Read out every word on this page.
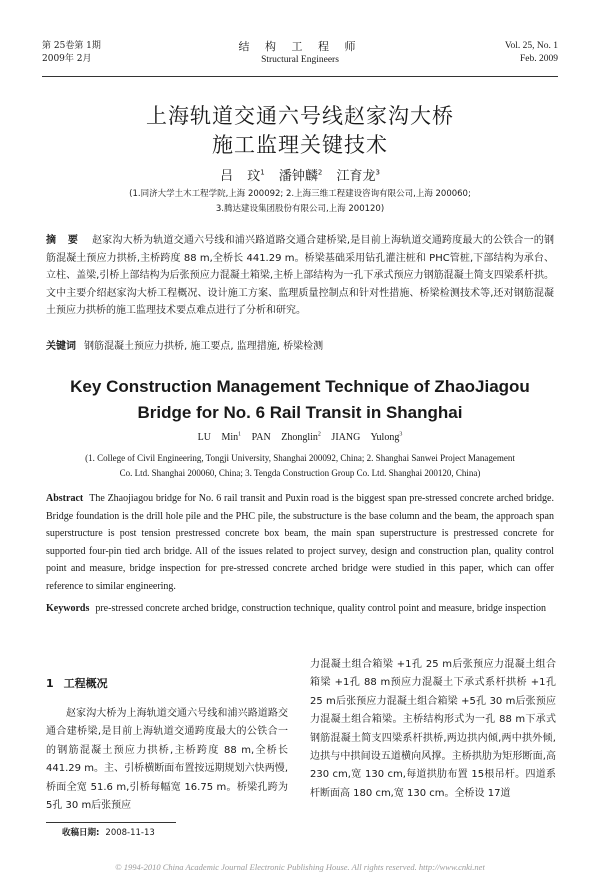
第 25卷第 1期
2009年 2月
结 构 工 程 师
Structural Engineers
Vol. 25, No. 1
Feb. 2009
上海轨道交通六号线赵家沟大桥
施工监理关键技术
吕 玟$^1$ 潘钟麟$^2$ 江育龙$^3$
(1.同济大学土木工程学院,上海 200092; 2.上海三维工程建设咨询有限公司,上海 200060;
3.腾达建设集团股份有限公司,上海 200120)
摘 要 赵家沟大桥为轨道交通六号线和浦兴路道路交通合建桥梁,是目前上海轨道交通跨度最大的公铁合一的钢筋混凝土预应力拱桥,主桥跨度 88 m,全桥长 441.29 m。桥梁基础采用钻孔灌注桩和 PHC管桩,下部结构为承台、立柱、盖梁,引桥上部结构为后张预应力混凝土箱梁,主桥上部结构为一孔下承式预应力钢筋混凝土简支四梁系杆拱。文中主要介绍赵家沟大桥工程概况、设计施工方案、监理质量控制点和针对性措施、桥梁检测技术等,还对钢筋混凝土预应力拱桥的施工监理技术要点难点进行了分析和研究。
关键词 钢筋混凝土预应力拱桥, 施工要点, 监理措施, 桥梁检测
Key Construction Management Technique of ZhaoJiagou
Bridge for No. 6 Rail Transit in Shanghai
LU Min$^1$ PAN Zhonglin$^2$ JIANG Yulong$^3$
(1. College of Civil Engineering, Tongji University, Shanghai 200092, China; 2. Shanghai Sanwei Project Management
Co. Ltd. Shanghai 200060, China; 3. Tengda Construction Group Co. Ltd. Shanghai 200120, China)
Abstract The Zhaojiagou bridge for No. 6 rail transit and Puxin road is the biggest span pre-stressed concrete arched bridge. Bridge foundation is the drill hole pile and the PHC pile, the substructure is the base column and the beam, the approach span superstructure is post tension prestressed concrete box beam, the main span superstructure is prestressed concrete for supported four-pin tied arch bridge. All of the issues related to project survey, design and construction plan, quality control point and measure, bridge inspection for pre-stressed concrete arched bridge were studied in this paper, which can offer reference to similar engineering.
Keywords pre-stressed concrete arched bridge, construction technique, quality control point and measure, bridge inspection
1 工程概况
赵家沟大桥为上海轨道交通六号线和浦兴路道路交通合建桥梁,是目前上海轨道交通跨度最大的公铁合一的钢筋混凝土预应力拱桥,主桥跨度 88 m,全桥长 441.29 m。主、引桥横断面布置按远期规划六快两慢,桥面全宽 51.6 m,引桥每幅宽 16.75 m。桥梁孔跨为 5孔 30 m后张预应
力混凝土组合箱梁 +1孔 25 m后张预应力混凝土组合箱梁 +1孔 88 m预应力混凝土下承式系杆拱桥 +1孔 25 m后张预应力混凝土组合箱梁 +5孔 30 m后张预应力混凝土组合箱梁。主桥结构形式为一孔 88 m下承式钢筋混凝土简支四梁系杆拱桥,两边拱内倾,两中拱外倾,边拱与中拱间设五道横向风撑。主桥拱肋为矩形断面,高 230 cm,宽 130 cm,每道拱肋布置 15根吊杆。四道系杆断面高 180 cm,宽 130 cm。全桥设 17道
收稿日期: 2008-11-13
© 1994-2010 China Academic Journal Electronic Publishing House. All rights reserved. http://www.cnki.net
